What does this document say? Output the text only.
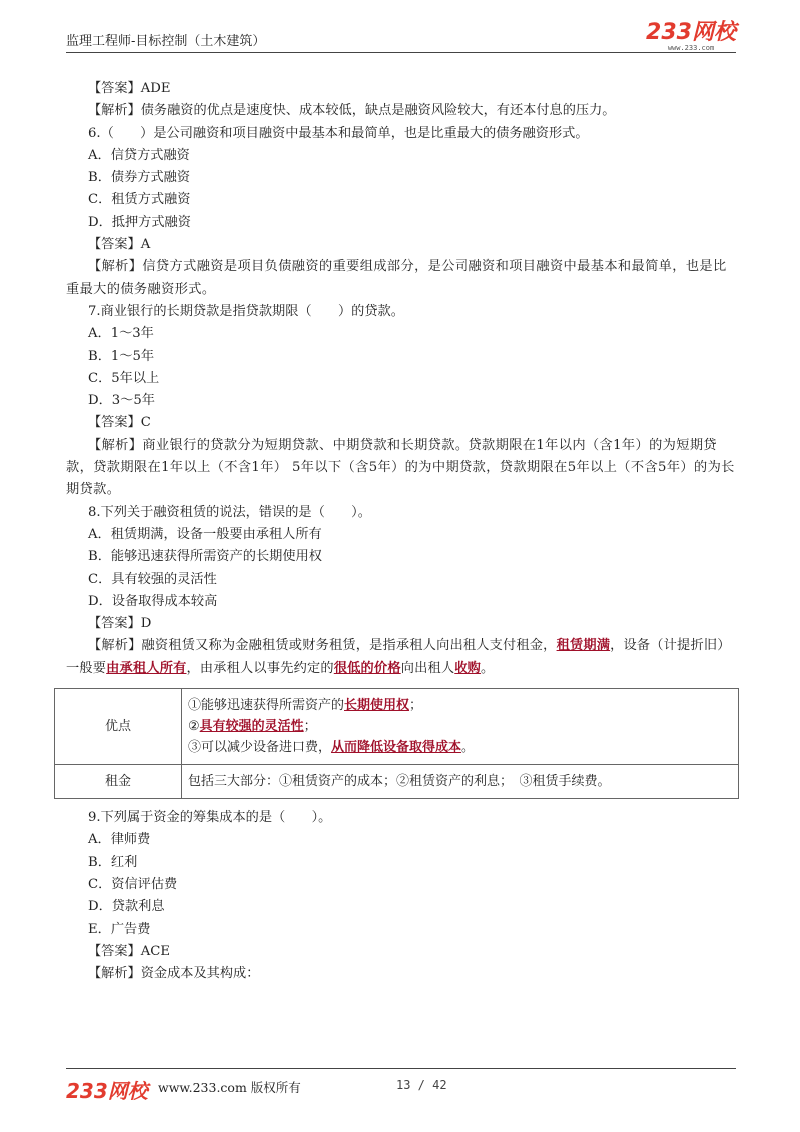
监理工程师-目标控制（土木建筑）	233网校
www.233.com
【答案】ADE
【解析】债务融资的优点是速度快、成本较低，缺点是融资风险较大，有还本付息的压力。
6.（　　）是公司融资和项目融资中最基本和最简单，也是比重最大的债务融资形式。
A．信贷方式融资
B．债券方式融资
C．租赁方式融资
D．抵押方式融资
【答案】A
【解析】信贷方式融资是项目负债融资的重要组成部分，是公司融资和项目融资中最基本和最简单，也是比重最大的债务融资形式。
7.商业银行的长期贷款是指贷款期限（　　）的贷款。
A．1～3年
B．1～5年
C．5年以上
D．3～5年
【答案】C
【解析】商业银行的贷款分为短期贷款、中期贷款和长期贷款。贷款期限在1年以内（含1年）的为短期贷款，贷款期限在1年以上（不含1年） 5年以下（含5年）的为中期贷款，贷款期限在5年以上（不含5年）的为长期贷款。
8.下列关于融资租赁的说法，错误的是（　　）。
A．租赁期满，设备一般要由承租人所有
B．能够迅速获得所需资产的长期使用权
C．具有较强的灵活性
D．设备取得成本较高
【答案】D
【解析】融资租赁又称为金融租赁或财务租赁，是指承租人向出租人支付租金，租赁期满，设备（计提折旧）一般要由承租人所有，由承租人以事先约定的很低的价格向出租人收购。
优点	①能够迅速获得所需资产的长期使用权；
②具有较强的灵活性；
③可以减少设备进口费，从而降低设备取得成本。

租金	包括三大部分：①租赁资产的成本；②租赁资产的利息；　③租赁手续费。
9.下列属于资金的筹集成本的是（　　）。
A．律师费
B．红利
C．资信评估费
D．贷款利息
E．广告费
【答案】ACE
【解析】资金成本及其构成：
233网校 www.233.com 版权所有	13 / 42
